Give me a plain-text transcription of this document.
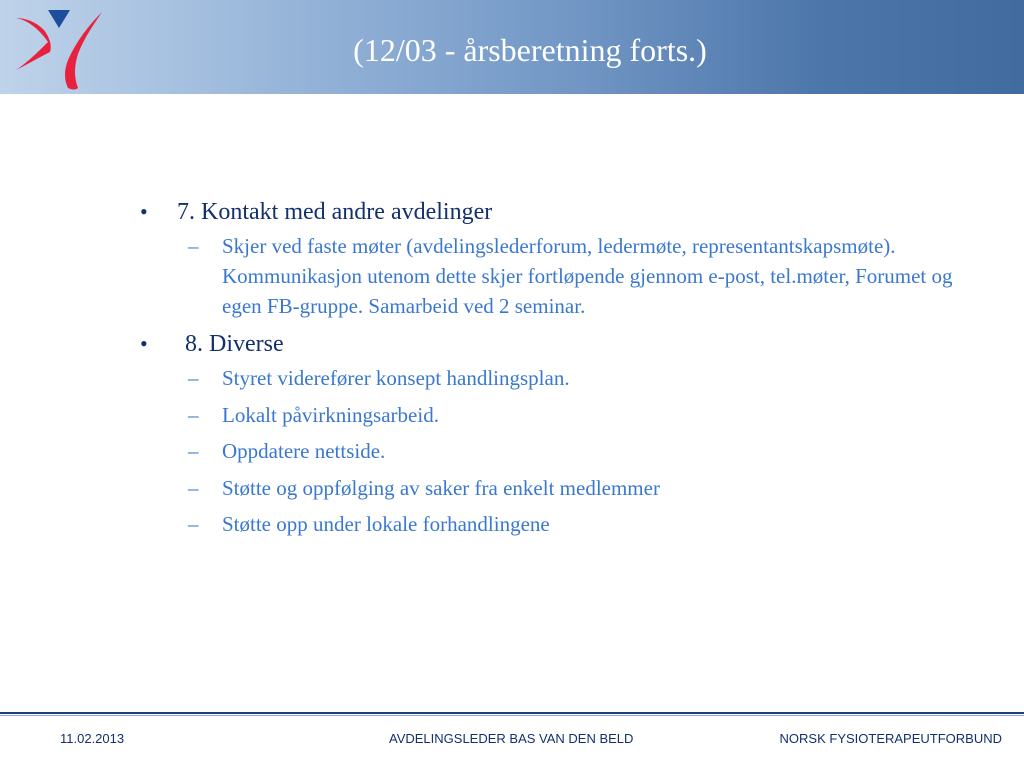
(12/03 - årsberetning forts.)
• 7. Kontakt med andre avdelinger
– Skjer ved faste møter (avdelingslederforum, ledermøte, representantskapsmøte). Kommunikasjon utenom dette skjer fortløpende gjennom e-post, tel.møter, Forumet og egen FB-gruppe. Samarbeid ved 2 seminar.
• 8. Diverse
– Styret viderefører konsept handlingsplan.
– Lokalt påvirkningsarbeid.
– Oppdatere nettside.
– Støtte og oppfølging av saker fra enkelt medlemmer
– Støtte opp under lokale forhandlingene
11.02.2013	AVDELINGSLEDER BAS VAN DEN BELD	NORSK FYSIOTERAPEUTFORBUND
